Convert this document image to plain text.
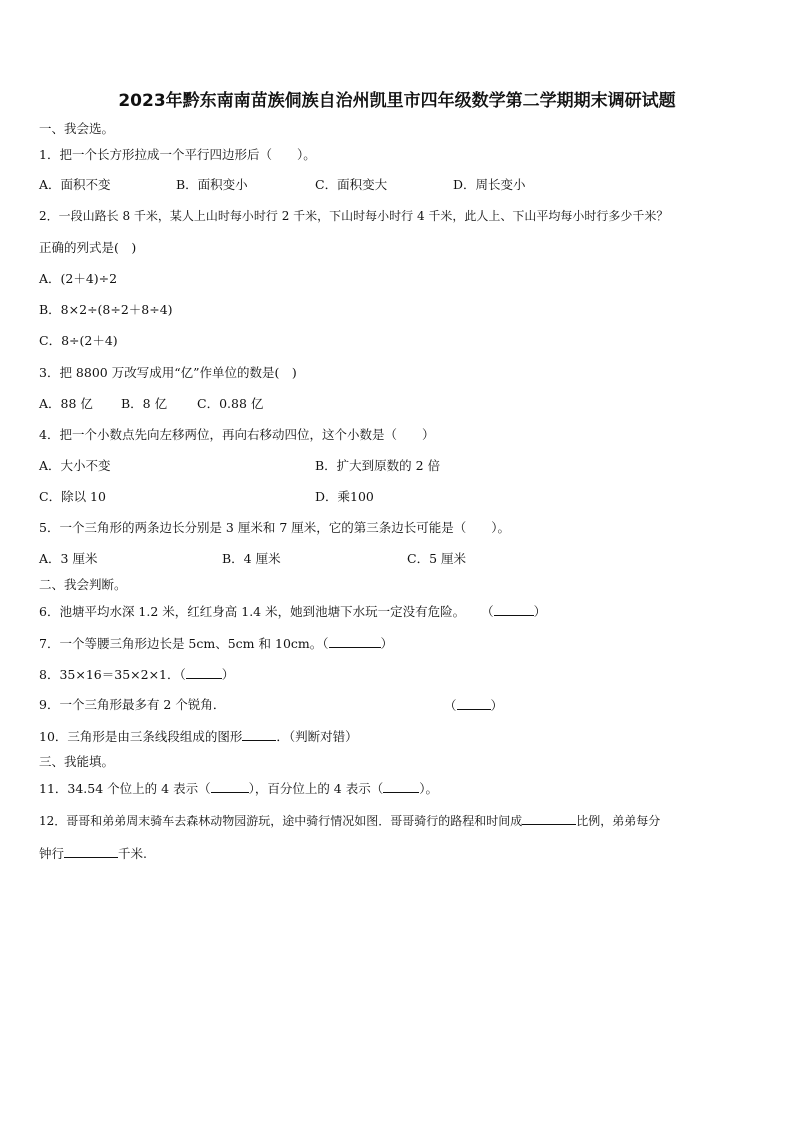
2023年黔东南南苗族侗族自治州凯里市四年级数学第二学期期末调研试题
一、我会选。
1．把一个长方形拉成一个平行四边形后（　　）。
A．面积不变	B．面积变小	C．面积变大	D．周长变小
2．一段山路长 8 千米，某人上山时每小时行 2 千米，下山时每小时行 4 千米，此人上、下山平均每小时行多少千米？
正确的列式是(　)
A．(2＋4)÷2
B．8×2÷(8÷2＋8÷4)
C．8÷(2＋4)
3．把 8800 万改写成用“亿”作单位的数是(　)
A．88 亿 B．8 亿 C．0.88 亿
4．把一个小数点先向左移两位，再向右移动四位，这个小数是（　　）
A．大小不变	B．扩大到原数的 2 倍
C．除以 10	D．乘100
5．一个三角形的两条边长分别是 3 厘米和 7 厘米，它的第三条边长可能是（　　）。
A．3 厘米	B．4 厘米	C．5 厘米
二、我会判断。
6．池塘平均水深 1.2 米，红红身高 1.4 米，她到池塘下水玩一定没有危险。 （	）
7．一个等腰三角形边长是 5cm、5cm 和 10cm。（	）
8．35×16＝35×2×1．（	）
9．一个三角形最多有 2 个锐角．	（	）
10．三角形是由三条线段组成的图形	．（判断对错）
三、我能填。
11．34.54 个位上的 4 表示（	），百分位上的 4 表示（	）。
12．哥哥和弟弟周末骑车去森林动物园游玩，途中骑行情况如图．哥哥骑行的路程和时间成	比例，弟弟每分
钟行	千米.
